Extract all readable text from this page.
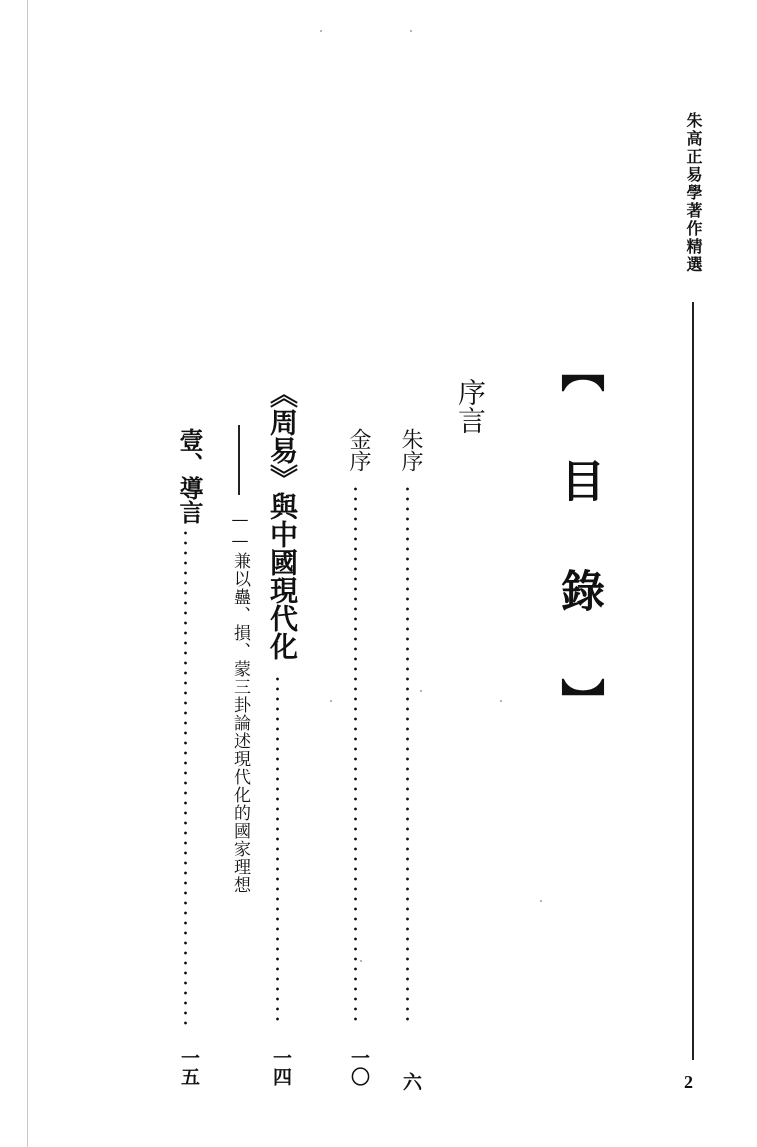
朱高正易學著作精選
2
【目錄】
序言
朱序
六
金序
一〇
《周易》與中國現代化
一四
——兼以蠱、損、蒙三卦論述現代化的國家理想
壹、導言
一五
